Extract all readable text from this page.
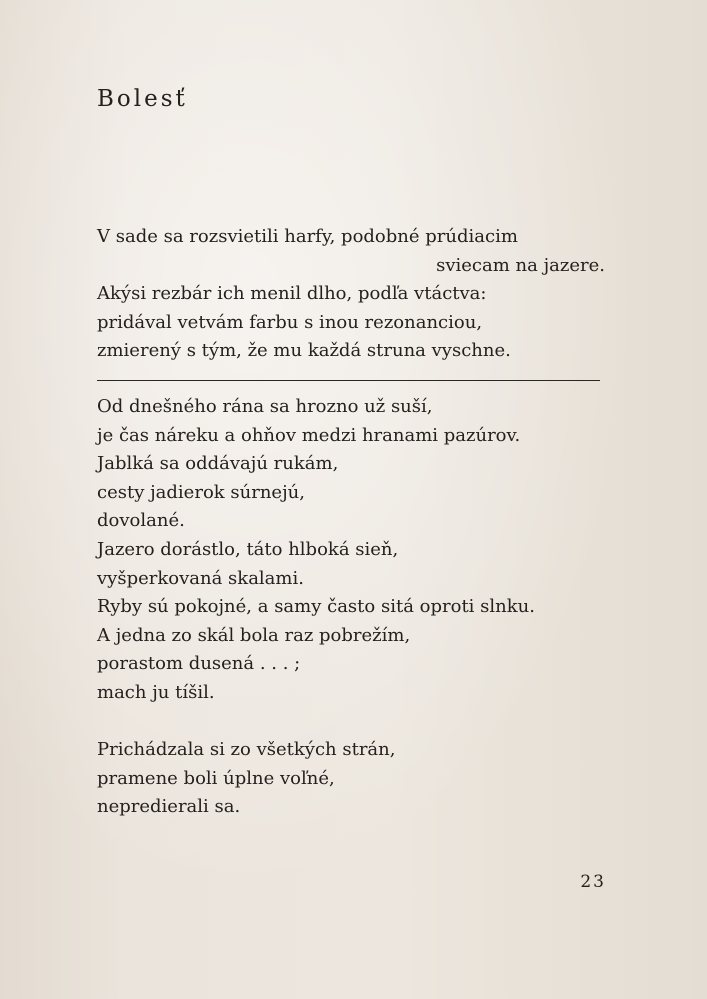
Bolesť
V sade sa rozsvietili harfy, podobné prúdiacim
sviecam na jazere.
Akýsi rezbár ich menil dlho, podľa vtáctva:
pridával vetvám farbu s inou rezonanciou,
zmierený s tým, že mu každá struna vyschne.
Od dnešného rána sa hrozno už suší,
je čas náreku a ohňov medzi hranami pazúrov.
Jablká sa oddávajú rukám,
cesty jadierok súrnejú,
dovolané.
Jazero dorástlo, táto hlboká sieň,
vyšperkovaná skalami.
Ryby sú pokojné, a samy často sitá oproti slnku.
A jedna zo skál bola raz pobrežím,
porastom dusená . . . ;
mach ju tíšil.
Prichádzala si zo všetkých strán,
pramene boli úplne voľné,
nepredierali sa.
23
